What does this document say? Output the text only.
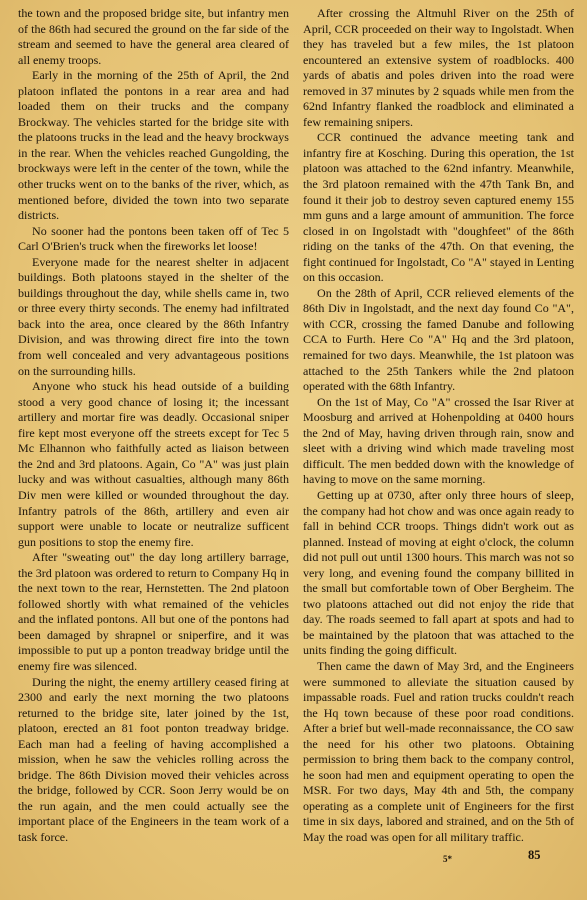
the town and the proposed bridge site, but infantry men of the 86th had secured the ground on the far side of the stream and seemed to have the general area cleared of all enemy troops.

Early in the morning of the 25th of April, the 2nd platoon inflated the pontons in a rear area and had loaded them on their trucks and the company Brockway. The vehicles started for the bridge site with the platoons trucks in the lead and the heavy brockways in the rear. When the vehicles reached Gungolding, the brockways were left in the center of the town, while the other trucks went on to the banks of the river, which, as mentioned before, divided the town into two separate districts.

No sooner had the pontons been taken off of Tec 5 Carl O'Brien's truck when the fireworks let loose!

Everyone made for the nearest shelter in adjacent buildings. Both platoons stayed in the shelter of the buildings throughout the day, while shells came in, two or three every thirty seconds. The enemy had infiltrated back into the area, once cleared by the 86th Infantry Division, and was throwing direct fire into the town from well concealed and very advantageous positions on the surrounding hills.

Anyone who stuck his head outside of a building stood a very good chance of losing it; the incessant artillery and mortar fire was deadly. Occasional sniper fire kept most everyone off the streets except for Tec 5 Mc Elhannon who faithfully acted as liaison between the 2nd and 3rd platoons. Again, Co "A" was just plain lucky and was without casualties, although many 86th Div men were killed or wounded throughout the day. Infantry patrols of the 86th, artillery and even air support were unable to locate or neutralize sufficent gun positions to stop the enemy fire.

After "sweating out" the day long artillery barrage, the 3rd platoon was ordered to return to Company Hq in the next town to the rear, Hernstetten. The 2nd platoon followed shortly with what remained of the vehicles and the inflated pontons. All but one of the pontons had been damaged by shrapnel or sniperfire, and it was impossible to put up a ponton treadway bridge until the enemy fire was silenced.

During the night, the enemy artillery ceased firing at 2300 and early the next morning the two platoons returned to the bridge site, later joined by the 1st, platoon, erected an 81 foot ponton treadway bridge. Each man had a feeling of having accomplished a mission, when he saw the vehicles rolling across the bridge. The 86th Division moved their vehicles across the bridge, followed by CCR. Soon Jerry would be on the run again, and the men could actually see the important place of the Engineers in the team work of a task force.

After crossing the Altmuhl River on the 25th of April, CCR proceeded on their way to Ingolstadt. When they has traveled but a few miles, the 1st platoon encountered an extensive system of roadblocks. 400 yards of abatis and poles driven into the road were removed in 37 minutes by 2 squads while men from the 62nd Infantry flanked the roadblock and eliminated a few remaining snipers.

CCR continued the advance meeting tank and infantry fire at Kosching. During this operation, the 1st platoon was attached to the 62nd infantry. Meanwhile, the 3rd platoon remained with the 47th Tank Bn, and found it their job to destroy seven captured enemy 155 mm guns and a large amount of ammunition. The force closed in on Ingolstadt with "doughfeet" of the 86th riding on the tanks of the 47th. On that evening, the fight continued for Ingolstadt, Co "A" stayed in Lenting on this occasion.

On the 28th of April, CCR relieved elements of the 86th Div in Ingolstadt, and the next day found Co "A", with CCR, crossing the famed Danube and following CCA to Furth. Here Co "A" Hq and the 3rd platoon, remained for two days. Meanwhile, the 1st platoon was attached to the 25th Tankers while the 2nd platoon operated with the 68th Infantry.

On the 1st of May, Co "A" crossed the Isar River at Moosburg and arrived at Hohenpolding at 0400 hours the 2nd of May, having driven through rain, snow and sleet with a driving wind which made traveling most difficult. The men bedded down with the knowledge of having to move on the same morning.

Getting up at 0730, after only three hours of sleep, the company had hot chow and was once again ready to fall in behind CCR troops. Things didn't work out as planned. Instead of moving at eight o'clock, the column did not pull out until 1300 hours. This march was not so very long, and evening found the company billited in the small but comfortable town of Ober Bergheim. The two platoons attached out did not enjoy the ride that day. The roads seemed to fall apart at spots and had to be maintained by the platoon that was attached to the units finding the going difficult.

Then came the dawn of May 3rd, and the Engineers were summoned to alleviate the situation caused by impassable roads. Fuel and ration trucks couldn't reach the Hq town because of these poor road conditions. After a brief but well-made reconnaissance, the CO saw the need for his other two platoons. Obtaining permission to bring them back to the company control, he soon had men and equipment operating to open the MSR. For two days, May 4th and 5th, the company operating as a complete unit of Engineers for the first time in six days, labored and strained, and on the 5th of May the road was open for all military traffic.

5*	85
